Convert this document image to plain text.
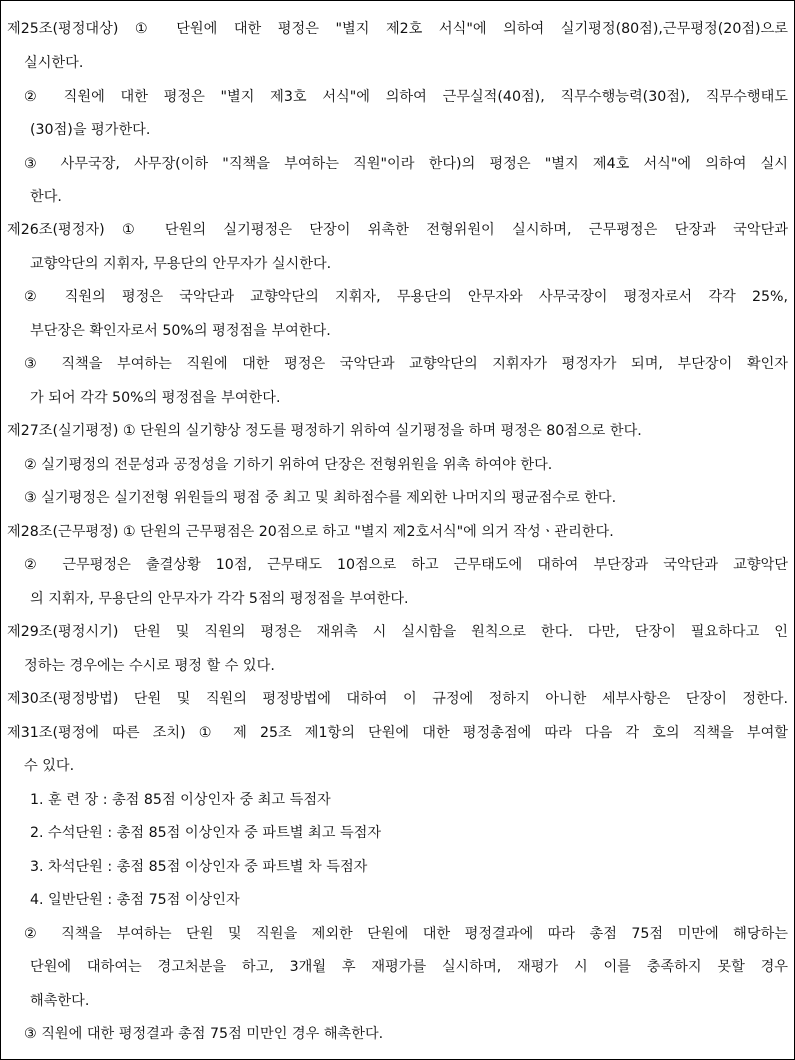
제25조(평정대상) ① 단원에 대한 평정은 "별지 제2호 서식"에 의하여 실기평정(80점),근무평정(20점)으로
실시한다.
② 직원에 대한 평정은 "별지 제3호 서식"에 의하여 근무실적(40점), 직무수행능력(30점), 직무수행태도
(30점)을 평가한다.
③ 사무국장, 사무장(이하 "직책을 부여하는 직원"이라 한다)의 평정은 "별지 제4호 서식"에 의하여 실시
한다.
제26조(평정자) ① 단원의 실기평정은 단장이 위촉한 전형위원이 실시하며, 근무평정은 단장과 국악단과
교향악단의 지휘자, 무용단의 안무자가 실시한다.
② 직원의 평정은 국악단과 교향악단의 지휘자, 무용단의 안무자와 사무국장이 평정자로서 각각 25%,
부단장은 확인자로서 50%의 평정점을 부여한다.
③ 직책을 부여하는 직원에 대한 평정은 국악단과 교향악단의 지휘자가 평정자가 되며, 부단장이 확인자
가 되어 각각 50%의 평정점을 부여한다.
제27조(실기평정) ① 단원의 실기향상 정도를 평정하기 위하여 실기평정을 하며 평정은 80점으로 한다.
② 실기평정의 전문성과 공정성을 기하기 위하여 단장은 전형위원을 위촉 하여야 한다.
③ 실기평정은 실기전형 위원들의 평점 중 최고 및 최하점수를 제외한 나머지의 평균점수로 한다.
제28조(근무평정) ① 단원의 근무평점은 20점으로 하고 "별지 제2호서식"에 의거 작성ㆍ관리한다.
② 근무평정은 출결상황 10점, 근무태도 10점으로 하고 근무태도에 대하여 부단장과 국악단과 교향악단
의 지휘자, 무용단의 안무자가 각각 5점의 평정점을 부여한다.
제29조(평정시기) 단원 및 직원의 평정은 재위촉 시 실시함을 원칙으로 한다. 다만, 단장이 필요하다고 인
정하는 경우에는 수시로 평정 할 수 있다.
제30조(평정방법) 단원 및 직원의 평정방법에 대하여 이 규정에 정하지 아니한 세부사항은 단장이 정한다.
제31조(평정에 따른 조치) ① 제 25조 제1항의 단원에 대한 평정총점에 따라 다음 각 호의 직책을 부여할
수 있다.
1. 훈 련 장 : 총점 85점 이상인자 중 최고 득점자
2. 수석단원 : 총점 85점 이상인자 중 파트별 최고 득점자
3. 차석단원 : 총점 85점 이상인자 중 파트별 차 득점자
4. 일반단원 : 총점 75점 이상인자
② 직책을 부여하는 단원 및 직원을 제외한 단원에 대한 평정결과에 따라 총점 75점 미만에 해당하는
단원에 대하여는 경고처분을 하고, 3개월 후 재평가를 실시하며, 재평가 시 이를 충족하지 못할 경우
해촉한다.
③ 직원에 대한 평정결과 총점 75점 미만인 경우 해촉한다.
